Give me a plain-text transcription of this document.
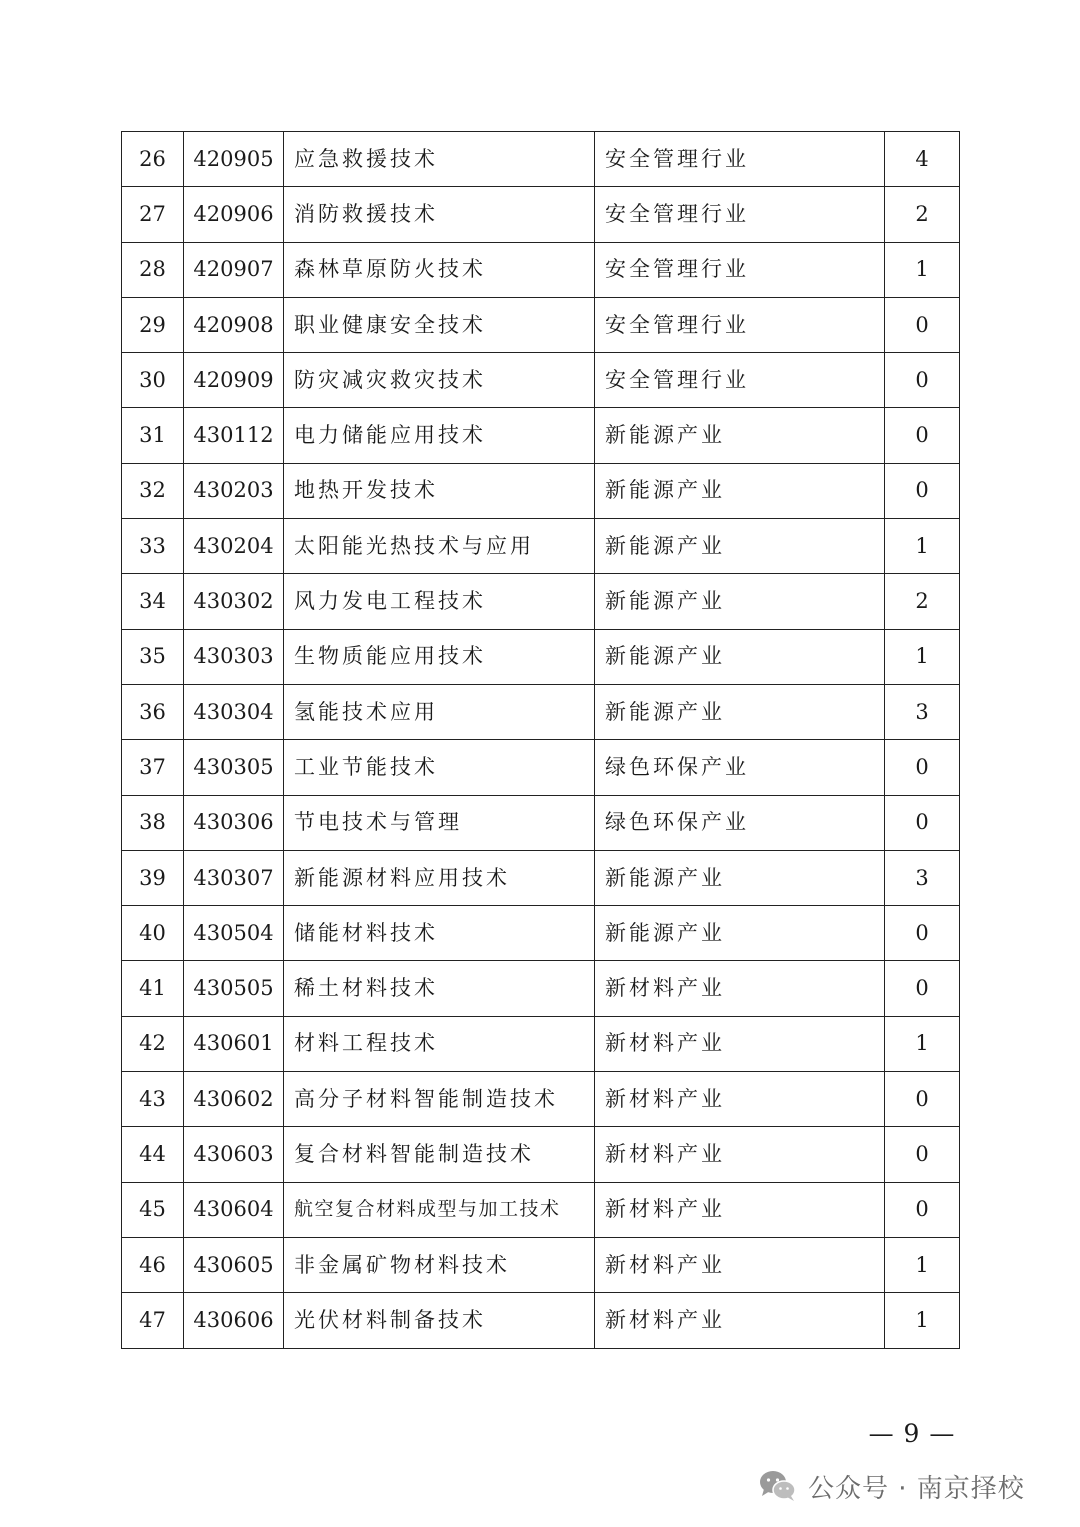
26	420905	应急救援技术	安全管理行业	4
27	420906	消防救援技术	安全管理行业	2
28	420907	森林草原防火技术	安全管理行业	1
29	420908	职业健康安全技术	安全管理行业	0
30	420909	防灾减灾救灾技术	安全管理行业	0
31	430112	电力储能应用技术	新能源产业	0
32	430203	地热开发技术	新能源产业	0
33	430204	太阳能光热技术与应用	新能源产业	1
34	430302	风力发电工程技术	新能源产业	2
35	430303	生物质能应用技术	新能源产业	1
36	430304	氢能技术应用	新能源产业	3
37	430305	工业节能技术	绿色环保产业	0
38	430306	节电技术与管理	绿色环保产业	0
39	430307	新能源材料应用技术	新能源产业	3
40	430504	储能材料技术	新能源产业	0
41	430505	稀土材料技术	新材料产业	0
42	430601	材料工程技术	新材料产业	1
43	430602	高分子材料智能制造技术	新材料产业	0
44	430603	复合材料智能制造技术	新材料产业	0
45	430604	航空复合材料成型与加工技术	新材料产业	0
46	430605	非金属矿物材料技术	新材料产业	1
47	430606	光伏材料制备技术	新材料产业	1
— 9 —
公众号 · 南京择校
